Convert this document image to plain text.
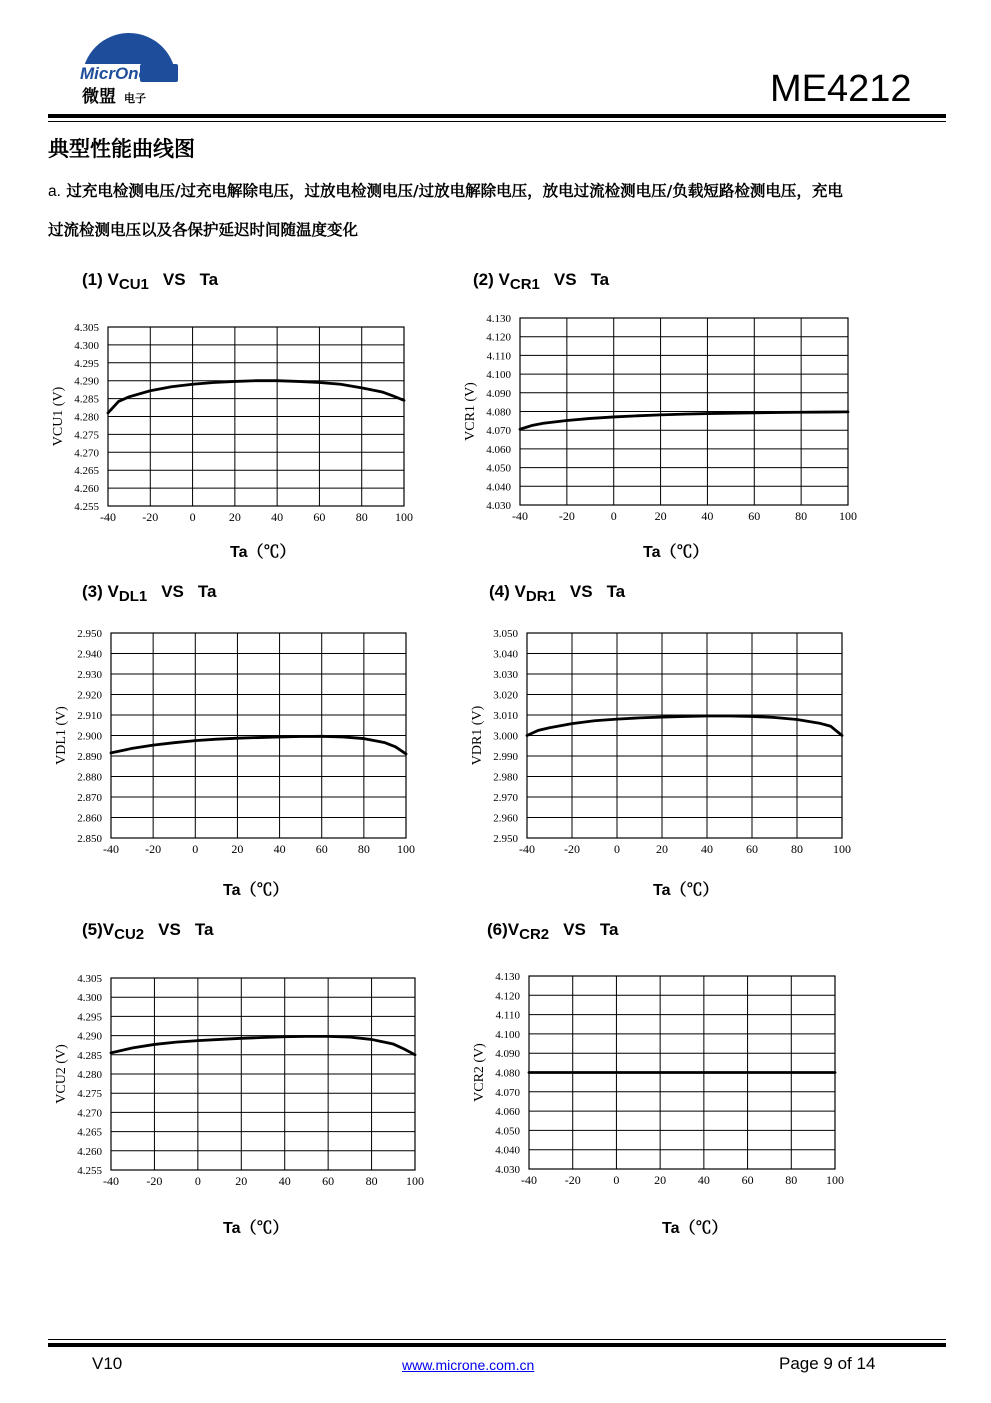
MicrOne
微盟 电子	ME4212
典型性能曲线图
a. 过充电检测电压/过充电解除电压，过放电检测电压/过放电解除电压，放电过流检测电压/负载短路检测电压，充电
过流检测电压以及各保护延迟时间随温度变化
(1) $V_{CU1}$ VS Ta	(2) $V_{CR1}$ VS Ta
(3) $V_{DL1}$ VS Ta	(4) $V_{DR1}$ VS Ta
$(5)V_{CU2}$ VS Ta	$(6)V_{CR2}$ VS Ta
4.305
4.300
4.295
4.290
4.285
4.280
4.275
4.270
4.265
4.260
4.255
-40 -20	0	20	40	60	80 100
VCU1 (V)
4.130
4.120
4.110
4.100
4.090
4.080
4.070
4.060
4.050
4.040
4.030
-40	-20	0	20	40	60	80	100
VCR1 (V)
2.950
2.940
2.930
2.920
2.910
2.900
2.890
2.880
2.870
2.860
2.850
-40 -20	0	20	40	60	80 100
VDL1 (V)
3.050
3.040
3.030
3.020
3.010
3.000
2.990
2.980
2.970
2.960
2.950
-40 -20	0	20	40	60	80	100
VDR1 (V)
4.305
4.300
4.295
4.290
4.285
4.280
4.275
4.270
4.265
4.260
4.255
-40 -20	0	20	40	60	80 100
VCU2 (V)
4.130
4.120
4.110
4.100
4.090
4.080
4.070
4.060
4.050
4.040
4.030
-40 -20	0	20	40	60	80 100
VCR2 (V)
Ta（℃）	Ta（℃）
Ta（℃）	Ta（℃）
Ta（℃）	Ta（℃）
V10	www.microne.com.cn	Page 9 of 14
